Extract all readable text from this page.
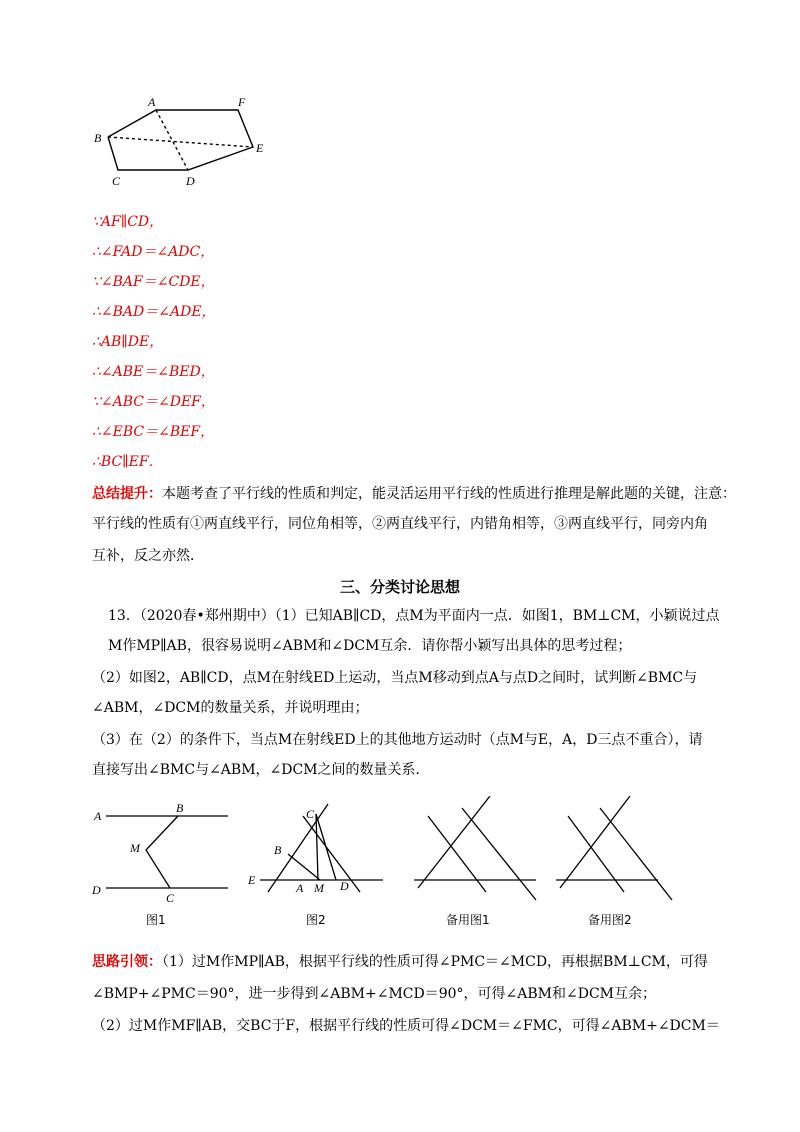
A	F
B
E
C	D
∵AF∥CD，
∴∠FAD＝∠ADC，
∵∠BAF＝∠CDE，
∴∠BAD＝∠ADE，
∴AB∥DE，
∴∠ABE＝∠BED，
∵∠ABC＝∠DEF，
∴∠EBC＝∠BEF，
∴BC∥EF．
总结提升：本题考查了平行线的性质和判定，能灵活运用平行线的性质进行推理是解此题的关键，注意：
平行线的性质有①两直线平行，同位角相等，②两直线平行，内错角相等，③两直线平行，同旁内角
互补，反之亦然．
三、分类讨论思想
13．（2020春•郑州期中）（1）已知AB∥CD，点M为平面内一点．如图1，BM⊥CM，小颖说过点
M作MP∥AB，很容易说明∠ABM和∠DCM互余．请你帮小颖写出具体的思考过程；
（2）如图2，AB∥CD，点M在射线ED上运动，当点M移动到点A与点D之间时，试判断∠BMC与
∠ABM，∠DCM的数量关系，并说明理由；
（3）在（2）的条件下，当点M在射线ED上的其他地方运动时（点M与E，A，D三点不重合），请
直接写出∠BMC与∠ABM，∠DCM之间的数量关系．
A
B
M
D
C
图1
C
B
E
A M D
图2	备用图1	备用图2
思路引领：（1）过M作MP∥AB，根据平行线的性质可得∠PMC＝∠MCD，再根据BM⊥CM，可得
∠BMP+∠PMC＝90°，进一步得到∠ABM+∠MCD＝90°，可得∠ABM和∠DCM互余；
（2）过M作MF∥AB，交BC于F，根据平行线的性质可得∠DCM＝∠FMC，可得∠ABM+∠DCM＝
